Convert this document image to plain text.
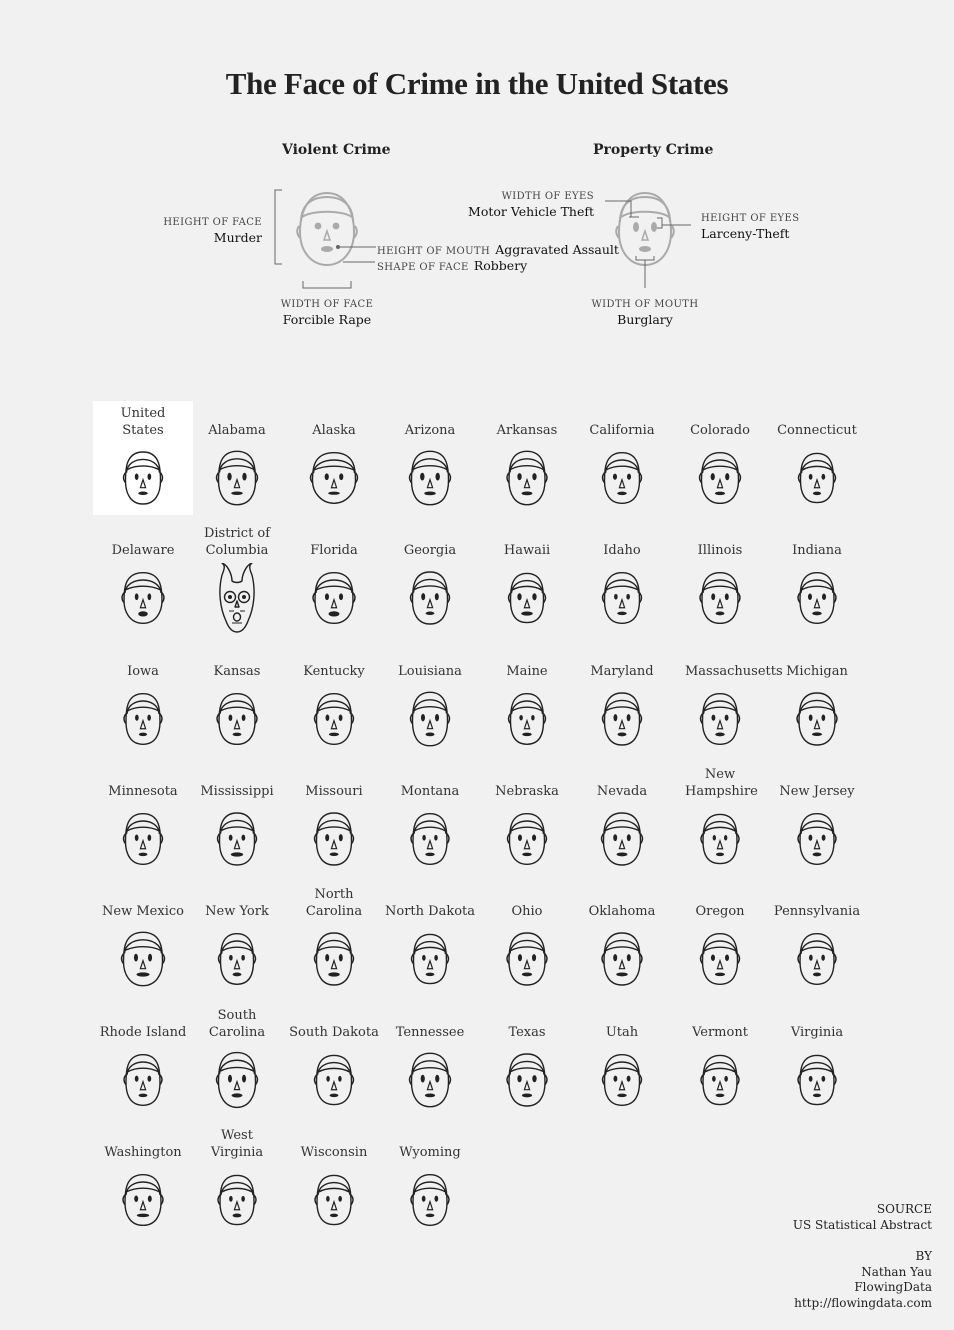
The Face of Crime in the United States
Violent Crime	Property Crime
HEIGHT OF FACE
Murder
HEIGHT OF MOUTH Aggravated Assault
SHAPE OF FACE Robbery
WIDTH OF FACE
Forcible Rape
WIDTH OF EYES
Motor Vehicle Theft	HEIGHT OF EYES
Larceny-Theft
WIDTH OF MOUTH
Burglary
United States	Alabama	Alaska	Arizona	Arkansas California	Colorado Connecticut
Delaware
District of Columbia	Florida	Georgia	Hawaii	Idaho	Illinois	Indiana
Iowa	Kansas	Kentucky	Louisiana	Maine	Maryland Massachusetts Michigan
Minnesota Mississippi Missouri	Montana	Nebraska	Nevada
New Hampshire New Jersey
New Mexico New York
North Carolina	North Dakota	Ohio	Oklahoma	Oregon Pennsylvania
Rhode Island
South Carolina	South Dakota Tennessee	Texas	Utah	Vermont	Virginia
Washington
West Virginia	Wisconsin Wyoming
SOURCE
US Statistical Abstract
BY
Nathan Yau
FlowingData
http://flowingdata.com
